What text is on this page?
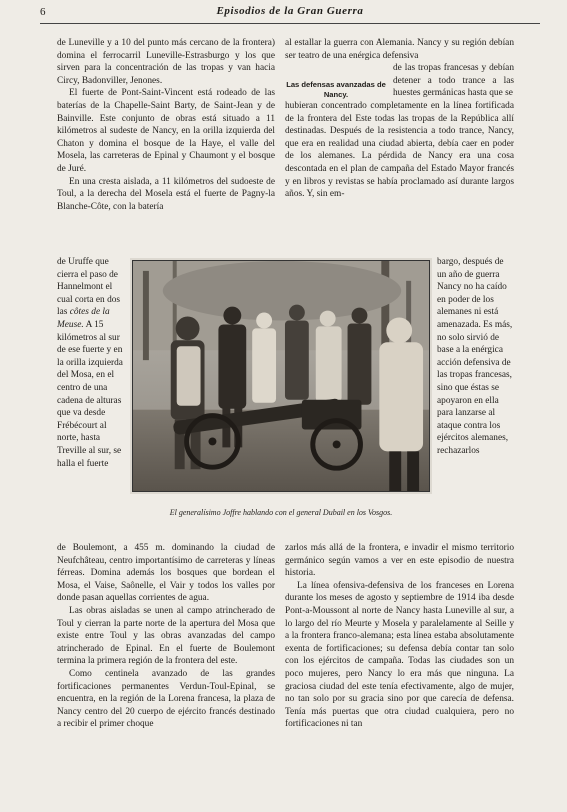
6	Episodios de la Gran Guerra

de Luneville y a 10 del punto más cercano de la frontera) domina el ferrocarril Luneville-Estrasburgo y los que sirven para la concentración de las tropas y van hacia Circy, Badonviller, Jenones.

El fuerte de Pont-Saint-Vincent está rodeado de las baterías de la Chapelle-Saint Barty, de Saint-Jean y de Bainville. Este conjunto de obras está situado a 11 kilómetros al sudeste de Nancy, en la orilla izquierda del Chaton y domina el bosque de la Haye, el valle del Mosela, las carreteras de Epinal y Chaumont y el bosque de Juré.

En una cresta aislada, a 11 kilómetros del sudoeste de Toul, a la derecha del Mosela está el fuerte de Pagny-la Blanche-Côte, con la batería

de Uruffe que cierra el paso de Hannelmont el cual corta en dos las côtes de la Meuse. A 15 kilómetros al sur de ese fuerte y en la orilla izquierda del Mosa, en el centro de una cadena de alturas que va desde Frébécourt al norte, hasta Treville al sur, se halla el fuerte

de Boulemont, a 455 m. dominando la ciudad de Neufchâteau, centro importantísimo de carreteras y líneas férreas. Domina además los bosques que bordean el Mosa, el Vaise, Saônelle, el Vair y todos los valles por donde pasan aquellas corrientes de agua.

Las obras aisladas se unen al campo atrincherado de Toul y cierran la parte norte de la apertura del Mosa que existe entre Toul y las obras avanzadas del campo atrincherado de Epinal. En el fuerte de Boulemont termina la primera región de la frontera del este.

Como centinela avanzado de las grandes fortificaciones permanentes Verdun-Toul-Epinal, se encuentra, en la región de la Lorena francesa, la plaza de Nancy centro del 20 cuerpo de ejército francés destinado a recibir el primer choque

Las defensas avanzadas de Nancy.

al estallar la guerra con Alemania. Nancy y su región debían ser teatro de una enérgica defensiva

de las tropas francesas y debían detener a todo trance a las huestes germánicas hasta que se

hubieran concentrado completamente en la línea fortificada de la frontera del Este todas las tropas de la República allí destinadas. Después de la resistencia a todo trance, Nancy, que era en realidad una ciudad abierta, debía caer en poder de los alemanes. La pérdida de Nancy era una cosa descontada en el plan de campaña del Estado Mayor francés y en libros y revistas se había proclamado así durante largos años. Y, sin em-

bargo, después de un año de guerra Nancy no ha caído en poder de los alemanes ni está amenazada. Es más, no solo sirvió de base a la enérgica acción defensiva de las tropas francesas, sino que éstas se apoyaron en ella para lanzarse al ataque contra los ejércitos alemanes, rechazarlos

zarlos más allá de la frontera, e invadir el mismo territorio germánico según vamos a ver en este episodio de nuestra historia.

La línea ofensiva-defensiva de los franceses en Lorena durante los meses de agosto y septiembre de 1914 iba desde Pont-a-Moussont al norte de Nancy hasta Luneville al sur, a lo largo del río Meurte y Mosela y paralelamente al Seille y a la frontera franco-alemana; esta línea estaba absolutamente exenta de fortificaciones; su defensa debía contar tan solo con los ejércitos de campaña. Todas las ciudades son un poco mujeres, pero Nancy lo era más que ninguna. La graciosa ciudad del este tenía efectivamente, algo de mujer, no tan solo por su gracia sino por que carecía de defensa. Tenía más puertas que otra ciudad cualquiera, pero no fortificaciones ni tan

El generalísimo Joffre hablando con el general Dubail en los Vosgos.
